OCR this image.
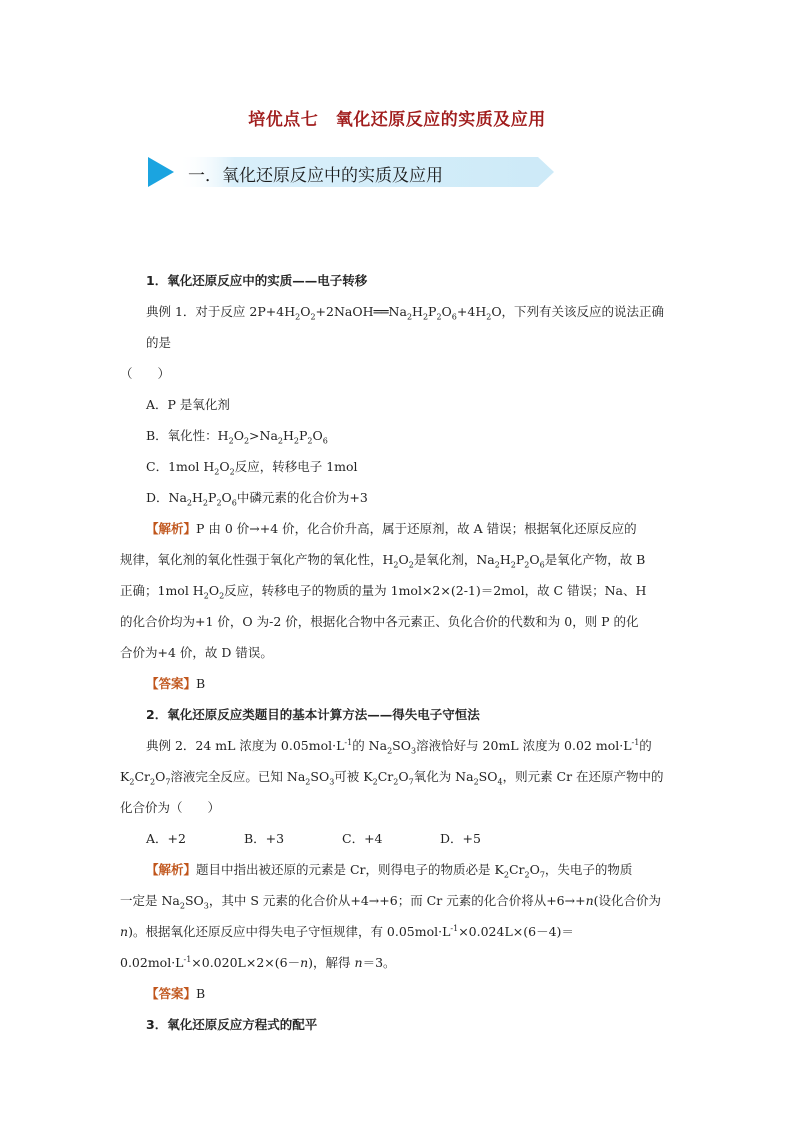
培优点七　氧化还原反应的实质及应用
一．氧化还原反应中的实质及应用

1．氧化还原反应中的实质——电子转移

典例 1．对于反应 $2P+4H_2O_2+2NaOH══Na_2H_2P_2O_6+4H_2O$，下列有关该反应的说法正确的是

（　　）

A．P 是氧化剂

B．氧化性：$H_2O_2>Na_2H_2P_2O_6$

C．1mol $H_2O_2$反应，转移电子 1mol

D．$Na_2H_2P_2O_6$中磷元素的化合价为+3

【解析】P 由 0 价→+4 价，化合价升高，属于还原剂，故 A 错误；根据氧化还原反应的

规律，氧化剂的氧化性强于氧化产物的氧化性，$H_2O_2$是氧化剂，$Na_2H_2P_2O_6$是氧化产物，故 B

正确；1mol $H_2O_2$反应，转移电子的物质的量为 1mol×2×(2-1)＝2mol，故 C 错误；Na、H

的化合价均为+1 价，O 为-2 价，根据化合物中各元素正、负化合价的代数和为 0，则 P 的化

合价为+4 价，故 D 错误。

【答案】B

2．氧化还原反应类题目的基本计算方法——得失电子守恒法

典例 2．24 mL 浓度为 $0.05mol\cdot L^{-1}$的 $Na_2SO_3$溶液恰好与 20mL 浓度为 0.02 $mol\cdot L^{-1}$的

$K_2Cr_2O_7$溶液完全反应。已知 $Na_2SO_3$可被 $K_2Cr_2O_7$氧化为 $Na_2SO_4$，则元素 Cr 在还原产物中的

化合价为（　　）

A．+2	B．+3	C．+4	D．+5

【解析】题目中指出被还原的元素是 Cr，则得电子的物质必是 $K_2Cr_2O_7$，失电子的物质

一定是 $Na_2SO_3$，其中 S 元素的化合价从+4→+6；而 Cr 元素的化合价将从+6→+n(设化合价为

n)。根据氧化还原反应中得失电子守恒规律，有 $0.05mol\cdot L^{-1}\times 0.024L\times(6-4)=$

$0.02mol\cdot L^{-1}\times 0.020L\times 2\times(6-n)$，解得 n＝3。

【答案】B

3．氧化还原反应方程式的配平
